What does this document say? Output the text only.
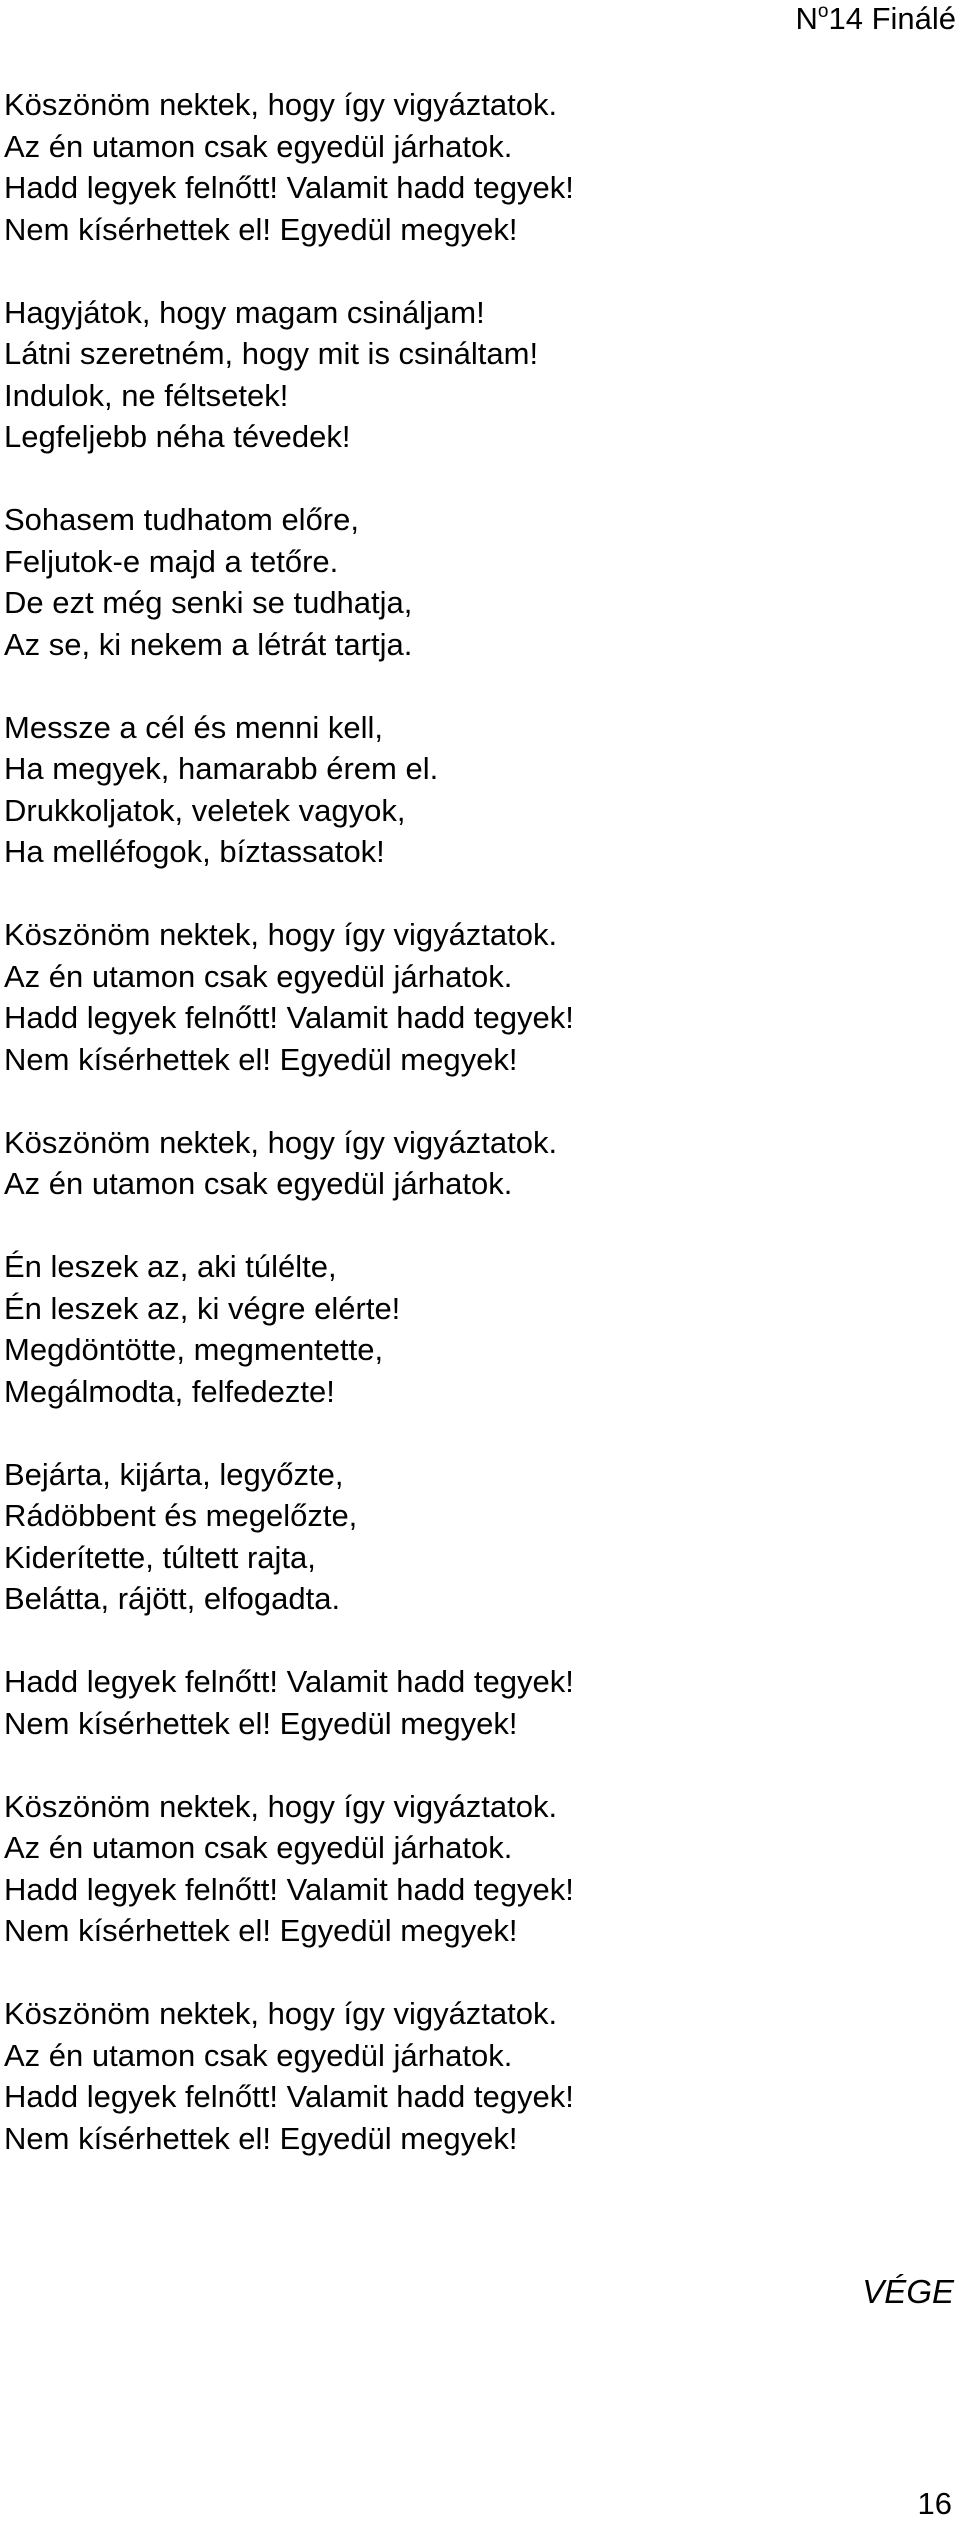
$N^o14$ Finálé
Köszönöm nektek, hogy így vigyáztatok.
Az én utamon csak egyedül járhatok.
Hadd legyek felnőtt! Valamit hadd tegyek!
Nem kísérhettek el! Egyedül megyek!
Hagyjátok, hogy magam csináljam!
Látni szeretném, hogy mit is csináltam!
Indulok, ne féltsetek!
Legfeljebb néha tévedek!
Sohasem tudhatom előre,
Feljutok-e majd a tetőre.
De ezt még senki se tudhatja,
Az se, ki nekem a létrát tartja.
Messze a cél és menni kell,
Ha megyek, hamarabb érem el.
Drukkoljatok, veletek vagyok,
Ha melléfogok, bíztassatok!
Köszönöm nektek, hogy így vigyáztatok.
Az én utamon csak egyedül járhatok.
Hadd legyek felnőtt! Valamit hadd tegyek!
Nem kísérhettek el! Egyedül megyek!
Köszönöm nektek, hogy így vigyáztatok.
Az én utamon csak egyedül járhatok.
Én leszek az, aki túlélte,
Én leszek az, ki végre elérte!
Megdöntötte, megmentette,
Megálmodta, felfedezte!
Bejárta, kijárta, legyőzte,
Rádöbbent és megelőzte,
Kiderítette, túltett rajta,
Belátta, rájött, elfogadta.
Hadd legyek felnőtt! Valamit hadd tegyek!
Nem kísérhettek el! Egyedül megyek!
Köszönöm nektek, hogy így vigyáztatok.
Az én utamon csak egyedül járhatok.
Hadd legyek felnőtt! Valamit hadd tegyek!
Nem kísérhettek el! Egyedül megyek!
Köszönöm nektek, hogy így vigyáztatok.
Az én utamon csak egyedül járhatok.
Hadd legyek felnőtt! Valamit hadd tegyek!
Nem kísérhettek el! Egyedül megyek!
VÉGE
16
